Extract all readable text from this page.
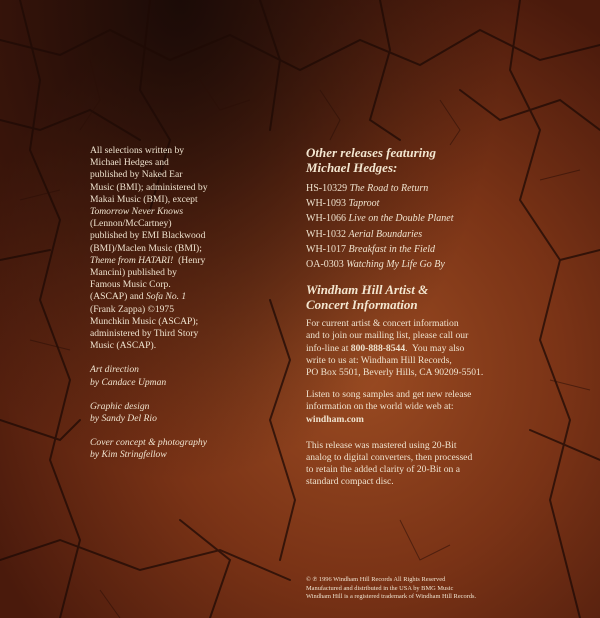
All selections written by
Michael Hedges and
published by Naked Ear
Music (BMI); administered by
Makai Music (BMI), except
Tomorrow Never Knows
(Lennon/McCartney)
published by EMI Blackwood
(BMI)/Maclen Music (BMI);
Theme from HATARI!  (Henry
Mancini) published by
Famous Music Corp.
(ASCAP) and Sofa No. 1
(Frank Zappa) ©1975
Munchkin Music (ASCAP);
administered by Third Story
Music (ASCAP).

Art direction
by Candace Upman
Graphic design
by Sandy Del Rio
Cover concept & photography
by Kim Stringfellow
Other releases featuring
Michael Hedges:
HS-10329 The Road to Return
WH-1093 Taproot
WH-1066 Live on the Double Planet
WH-1032 Aerial Boundaries
WH-1017 Breakfast in the Field
OA-0303 Watching My Life Go By
Windham Hill Artist &
Concert Information

For current artist & concert information
and to join our mailing list, please call our
info-line at 800-888-8544.  You may also
write to us at: Windham Hill Records,
PO Box 5501, Beverly Hills, CA 90209-5501.

Listen to song samples and get new release
information on the world wide web at:
windham.com

This release was mastered using 20-Bit
analog to digital converters, then processed
to retain the added clarity of 20-Bit on a
standard compact disc.

© ℗ 1996 Windham Hill Records All Rights Reserved
Manufactured and distributed in the USA by BMG Music
Windham Hill is a registered trademark of Windham Hill Records.
